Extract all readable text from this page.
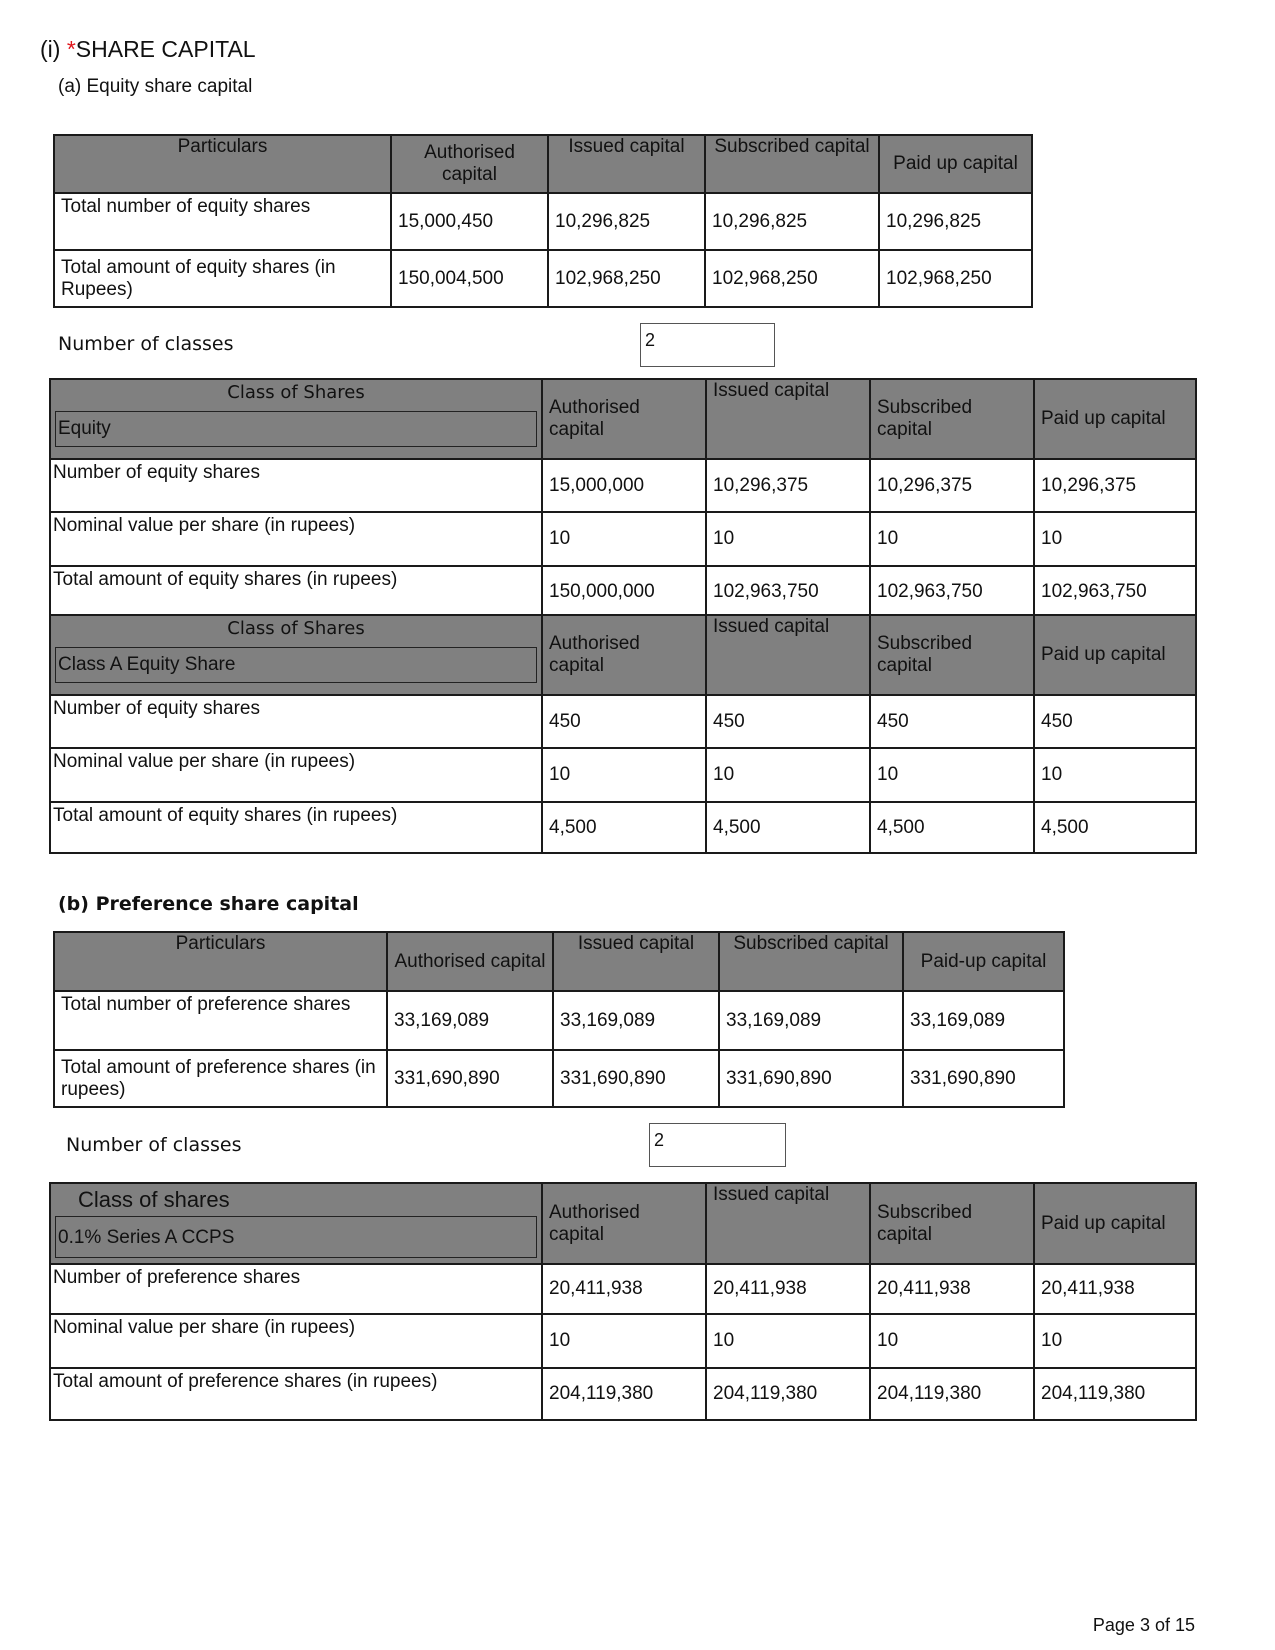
(i) *SHARE CAPITAL
(a) Equity share capital
Particulars	Authorised capital	Issued capital	Subscribed capital	Paid up capital
Total number of equity shares	15,000,450	10,296,825	10,296,825	10,296,825
Total amount of equity shares (in Rupees)	150,004,500	102,968,250	102,968,250	102,968,250
Number of classes	2
Class of Shares
Equity	Authorised capital	Issued capital	Subscribed capital	Paid up capital
Number of equity shares	15,000,000	10,296,375	10,296,375	10,296,375
Nominal value per share (in rupees)	10	10	10	10
Total amount of equity shares (in rupees)	150,000,000	102,963,750	102,963,750	102,963,750
Class of Shares
Class A Equity Share	Authorised capital	Issued capital	Subscribed capital	Paid up capital
Number of equity shares	450	450	450	450
Nominal value per share (in rupees)	10	10	10	10
Total amount of equity shares (in rupees)	4,500	4,500	4,500	4,500
(b) Preference share capital
Particulars	Authorised capital	Issued capital	Subscribed capital	Paid-up capital
Total number of preference shares	33,169,089	33,169,089	33,169,089	33,169,089
Total amount of preference shares (in rupees)	331,690,890	331,690,890	331,690,890	331,690,890
Number of classes	2
Class of shares
0.1% Series A CCPS	Authorised capital	Issued capital	Subscribed capital	Paid up capital
Number of preference shares	20,411,938	20,411,938	20,411,938	20,411,938
Nominal value per share (in rupees)	10	10	10	10
Total amount of preference shares (in rupees)	204,119,380	204,119,380	204,119,380	204,119,380
Page 3 of 15
